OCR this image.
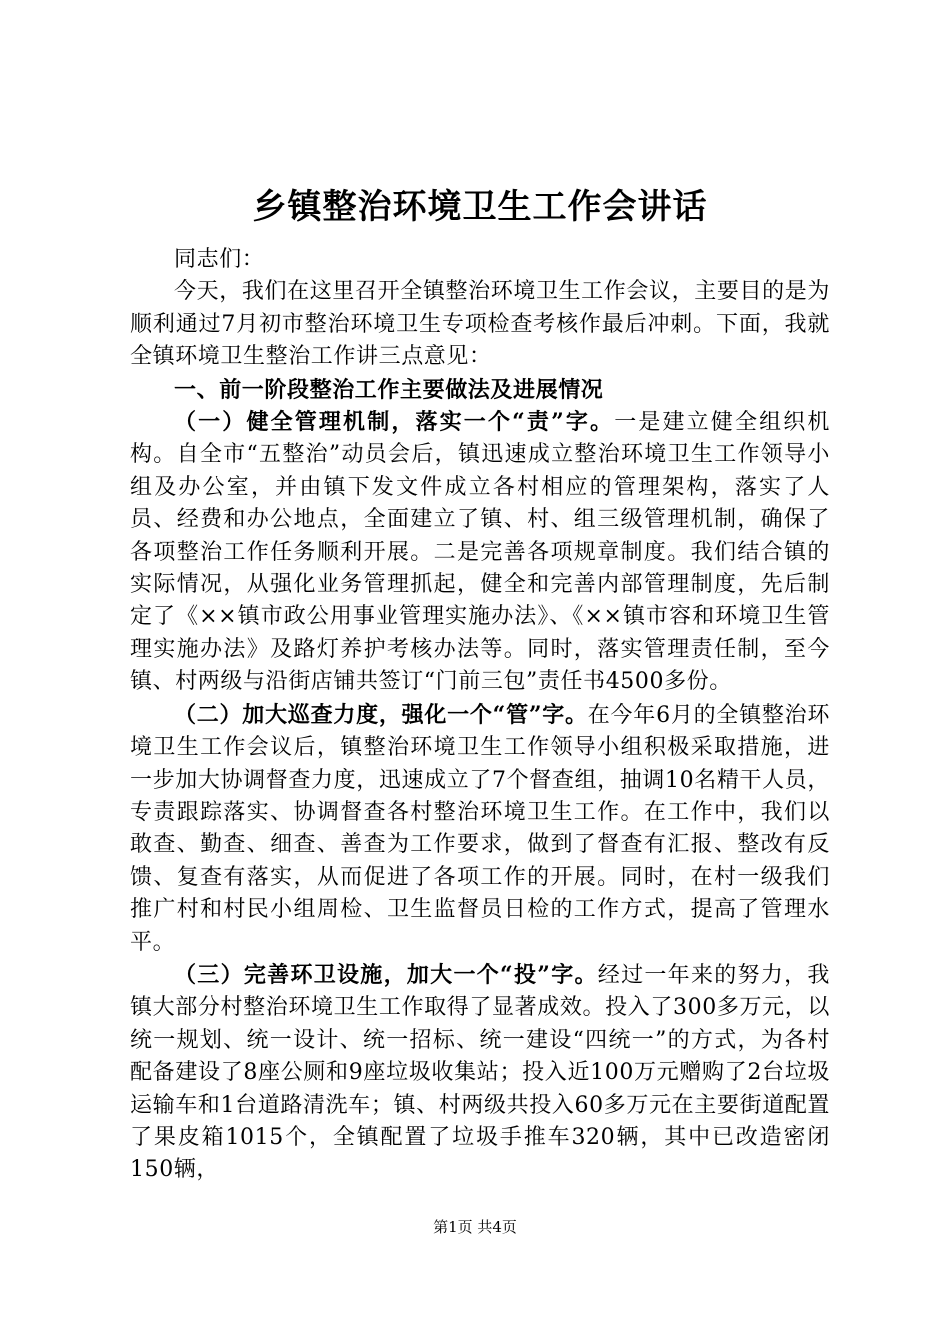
乡镇整治环境卫生工作会讲话

同志们：

今天，我们在这里召开全镇整治环境卫生工作会议，主要目的是为顺利通过7月初市整治环境卫生专项检查考核作最后冲刺。下面，我就全镇环境卫生整治工作讲三点意见：

一、前一阶段整治工作主要做法及进展情况

（一）健全管理机制，落实一个“责”字。一是建立健全组织机构。自全市“五整治”动员会后，镇迅速成立整治环境卫生工作领导小组及办公室，并由镇下发文件成立各村相应的管理架构，落实了人员、经费和办公地点，全面建立了镇、村、组三级管理机制，确保了各项整治工作任务顺利开展。二是完善各项规章制度。我们结合镇的实际情况，从强化业务管理抓起，健全和完善内部管理制度，先后制定了《××镇市政公用事业管理实施办法》、《××镇市容和环境卫生管理实施办法》及路灯养护考核办法等。同时，落实管理责任制，至今镇、村两级与沿街店铺共签订“门前三包”责任书4500多份。

（二）加大巡查力度，强化一个“管”字。在今年6月的全镇整治环境卫生工作会议后，镇整治环境卫生工作领导小组积极采取措施，进一步加大协调督查力度，迅速成立了7个督查组，抽调10名精干人员，专责跟踪落实、协调督查各村整治环境卫生工作。在工作中，我们以敢查、勤查、细查、善查为工作要求，做到了督查有汇报、整改有反馈、复查有落实，从而促进了各项工作的开展。同时，在村一级我们推广村和村民小组周检、卫生监督员日检的工作方式，提高了管理水平。

（三）完善环卫设施，加大一个“投”字。经过一年来的努力，我镇大部分村整治环境卫生工作取得了显著成效。投入了300多万元，以统一规划、统一设计、统一招标、统一建设“四统一”的方式，为各村配备建设了8座公厕和9座垃圾收集站；投入近100万元赠购了2台垃圾运输车和1台道路清洗车；镇、村两级共投入60多万元在主要街道配置了果皮箱1015个，全镇配置了垃圾手推车320辆，其中已改造密闭150辆，

第1页 共4页
